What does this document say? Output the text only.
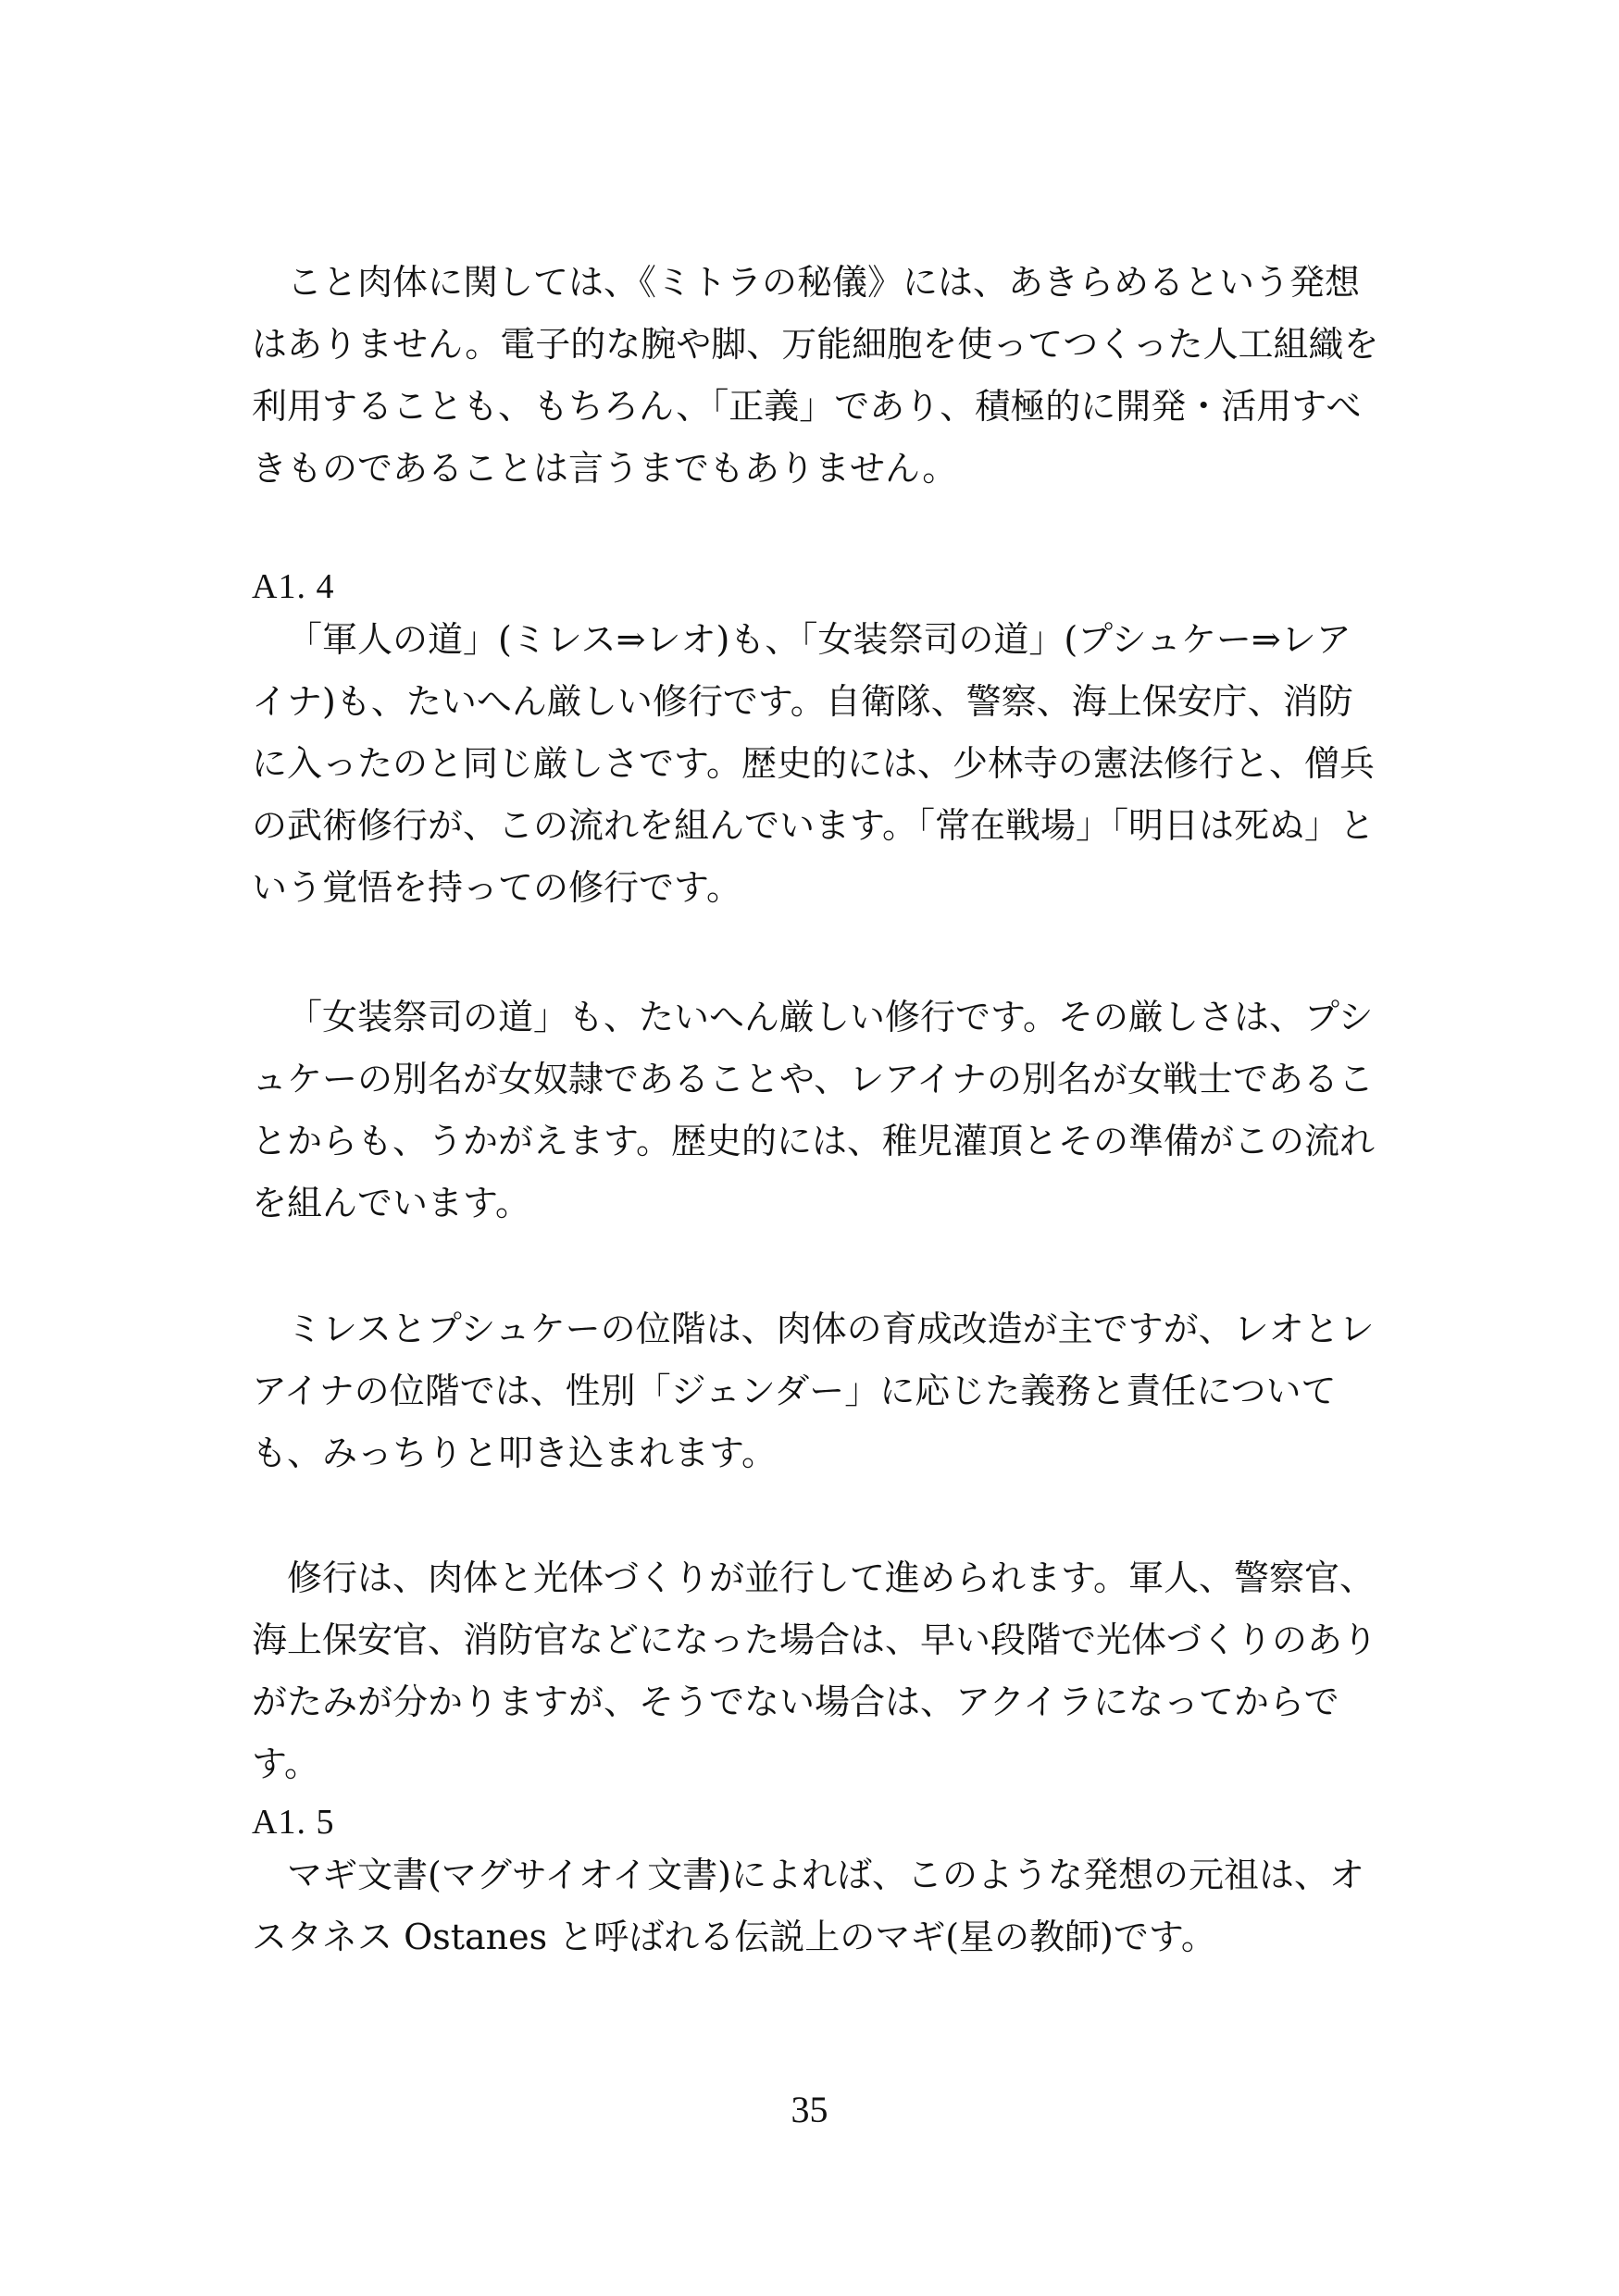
こと肉体に関しては、《ミトラの秘儀》には、あきらめるという発想はありません。電子的な腕や脚、万能細胞を使ってつくった人工組織を利用することも、もちろん、「正義」であり、積極的に開発・活用すべきものであることは言うまでもありません。

A1. 4

「軍人の道」(ミレス⇒レオ)も、「女装祭司の道」(プシュケー⇒レアイナ)も、たいへん厳しい修行です。自衛隊、警察、海上保安庁、消防に入ったのと同じ厳しさです。歴史的には、少林寺の憲法修行と、僧兵の武術修行が、この流れを組んでいます。「常在戦場」「明日は死ぬ」という覚悟を持っての修行です。

「女装祭司の道」も、たいへん厳しい修行です。その厳しさは、プシュケーの別名が女奴隷であることや、レアイナの別名が女戦士であることからも、うかがえます。歴史的には、稚児灌頂とその準備がこの流れを組んでいます。

ミレスとプシュケーの位階は、肉体の育成改造が主ですが、レオとレアイナの位階では、性別「ジェンダー」に応じた義務と責任についても、みっちりと叩き込まれます。

修行は、肉体と光体づくりが並行して進められます。軍人、警察官、海上保安官、消防官などになった場合は、早い段階で光体づくりのありがたみが分かりますが、そうでない場合は、アクイラになってからです。

A1. 5

マギ文書(マグサイオイ文書)によれば、このような発想の元祖は、オスタネス Ostanes と呼ばれる伝説上のマギ(星の教師)です。

35
